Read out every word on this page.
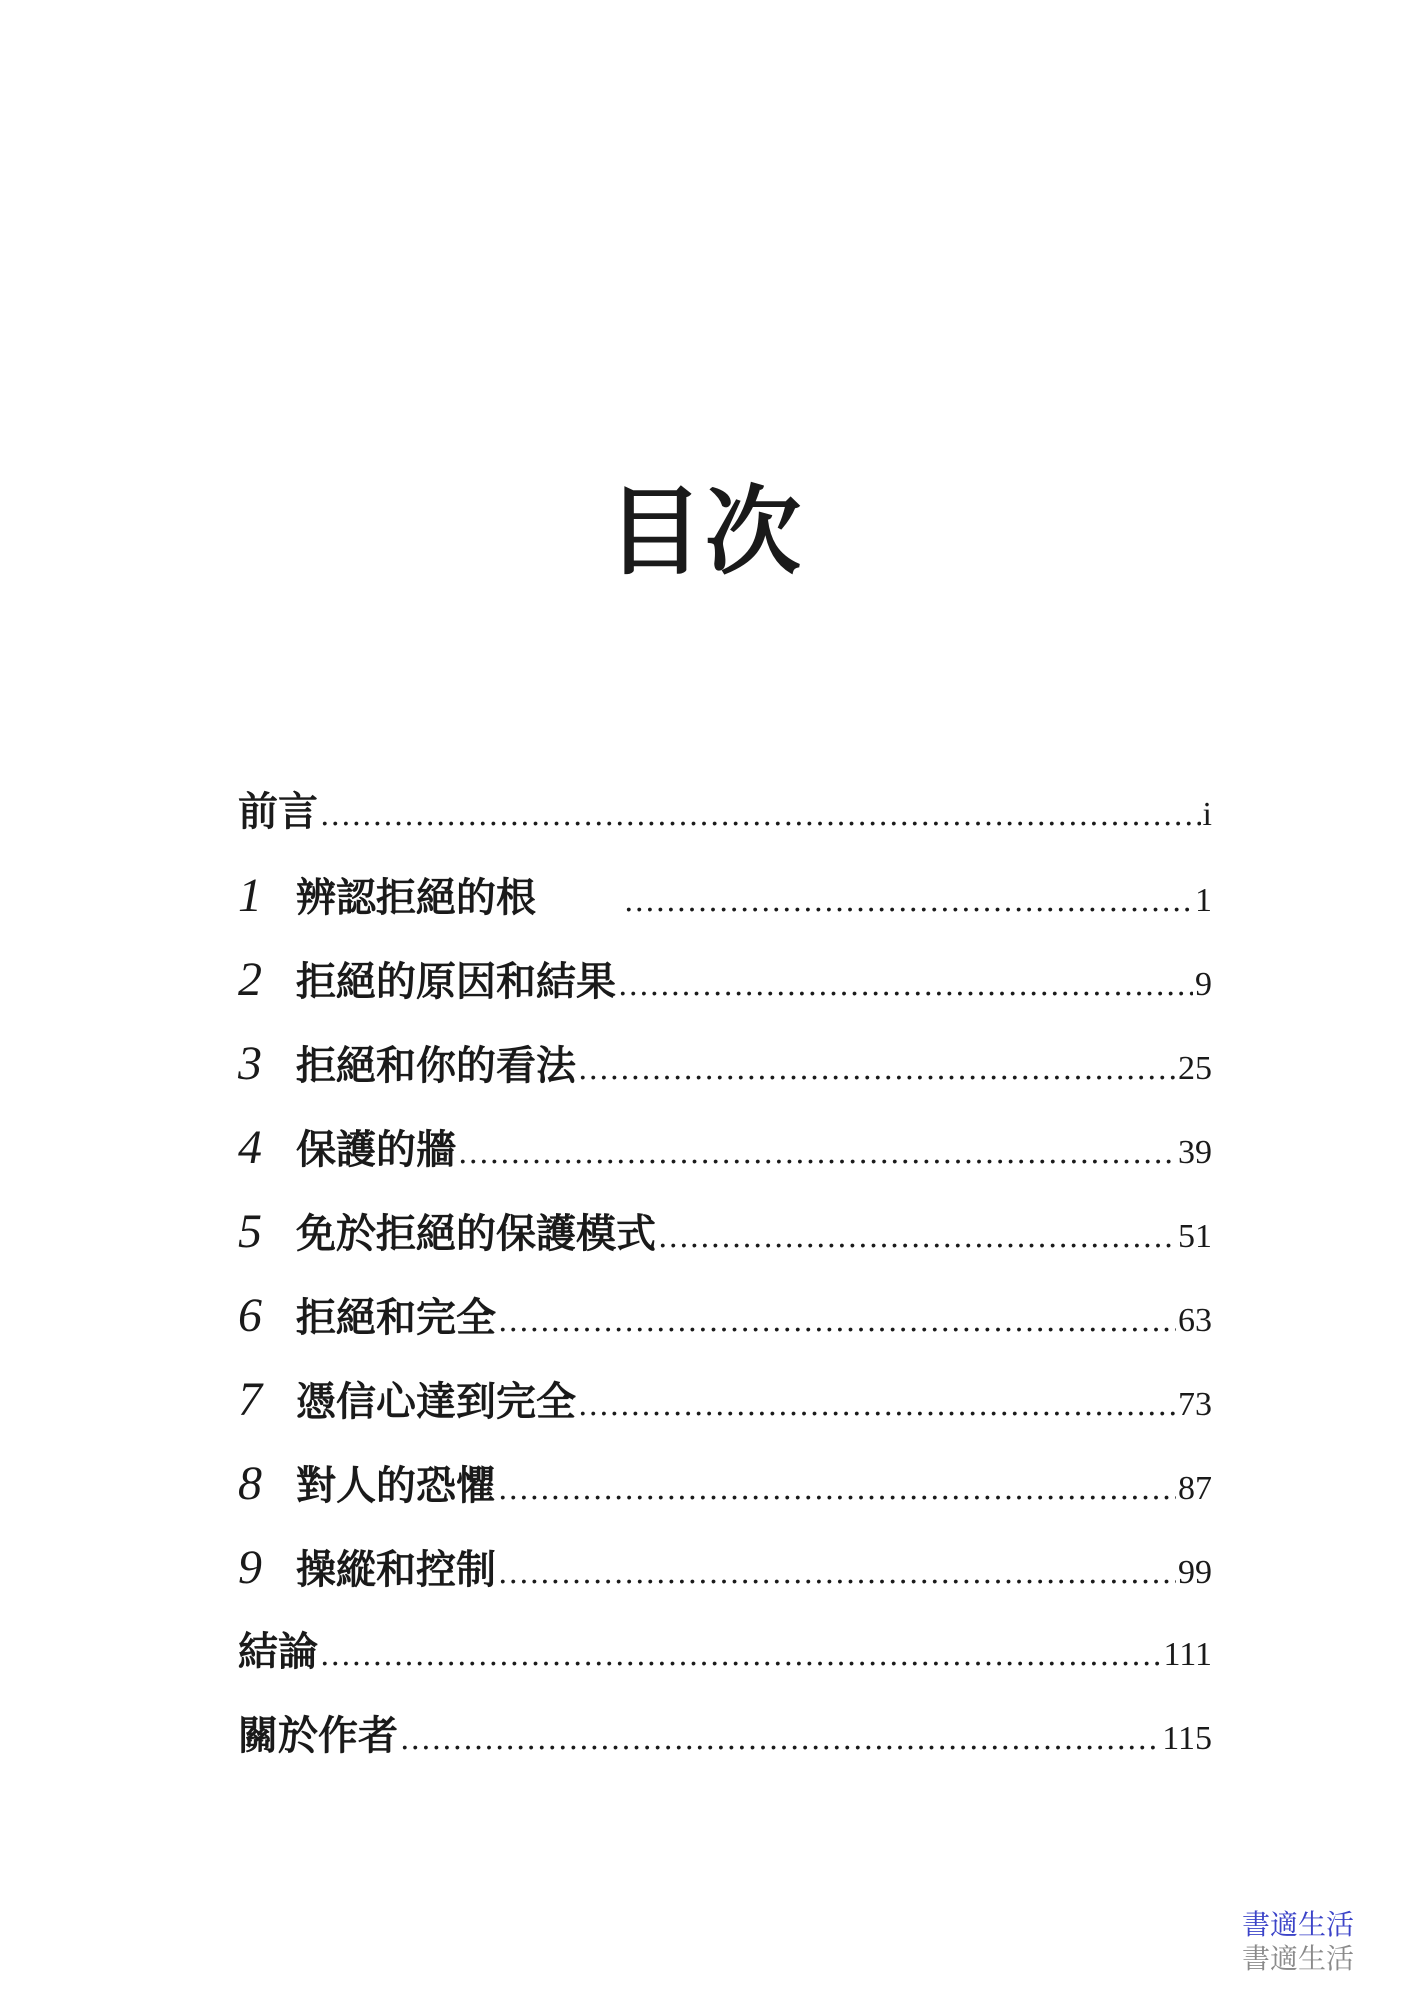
目次
前言 .....	i
1 辨認拒絕的根 .....	1
2 拒絕的原因和結果 .....	9
3 拒絕和你的看法 .....	25
4 保護的牆 .....	39
5 免於拒絕的保護模式 .....	51
6 拒絕和完全 .....	63
7 憑信心達到完全 .....	73
8 對人的恐懼 .....	87
9 操縱和控制 .....	99
結論 .....	111
關於作者 .....	115
書適生活
書適生活
